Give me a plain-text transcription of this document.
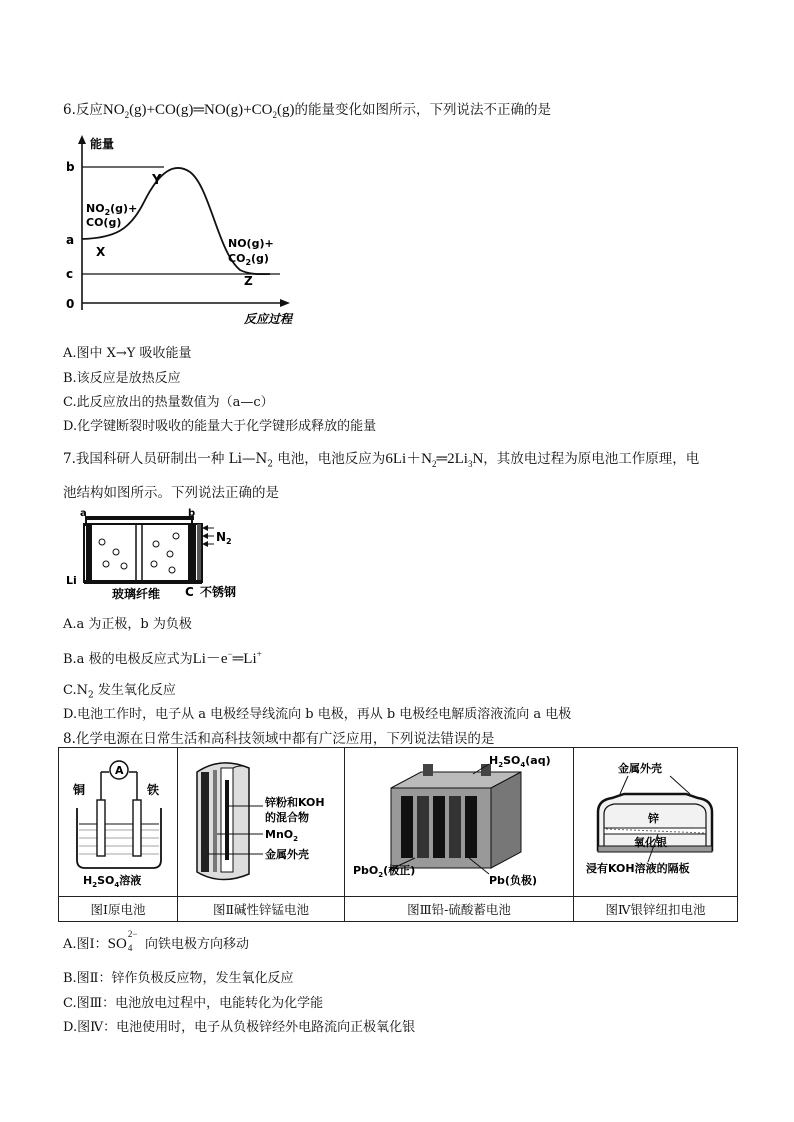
6.反应$NO_2(g)+CO(g)═NO(g)+CO_2(g)$的能量变化如图所示，下列说法不正确的是
能量
b
a
c
0
Y
X
Z
$NO_2(g)+$
CO(g)
NO(g)+
$CO_2(g)$
反应过程
A.图中 X→Y 吸收能量
B.该反应是放热反应
C.此反应放出的热量数值为（a—c）
D.化学键断裂时吸收的能量大于化学键形成释放的能量
7.我国科研人员研制出一种 $Li—N_2$ 电池，电池反应为$6Li+N_2═2Li_3N$，其放电过程为原电池工作原理，电
池结构如图所示。下列说法正确的是
a	b
$N_2$
Li
玻璃纤维 C 不锈钢
A.a 为正极，b 为负极
B.a 极的电极反应式为Li－e−═Li+
$C.N_2$ 发生氧化反应
D.电池工作时，电子从 a 电极经导线流向 b 电极，再从 b 电极经电解质溶液流向 a 电极
8.化学电源在日常生活和高科技领域中都有广泛应用，下列说法错误的是
A
铜 铁
$H_2SO_4$溶液	锌粉和KOH
的混合物
MnO$_2$
金属外壳	$H_2SO_4(aq)$
PbO$_2$(极正)
Pb(负极)	金属外壳
锌
氧化银
浸有KOH溶液的隔板

图Ⅰ原电池	图Ⅱ碱性锌锰电池	图Ⅲ铅-硫酸蓄电池	图Ⅳ银锌纽扣电池
A.图Ⅰ：SO
2−
4 向铁电极方向移动
B.图Ⅱ：锌作负极反应物，发生氧化反应
C.图Ⅲ：电池放电过程中，电能转化为化学能
D.图Ⅳ：电池使用时，电子从负极锌经外电路流向正极氧化银
